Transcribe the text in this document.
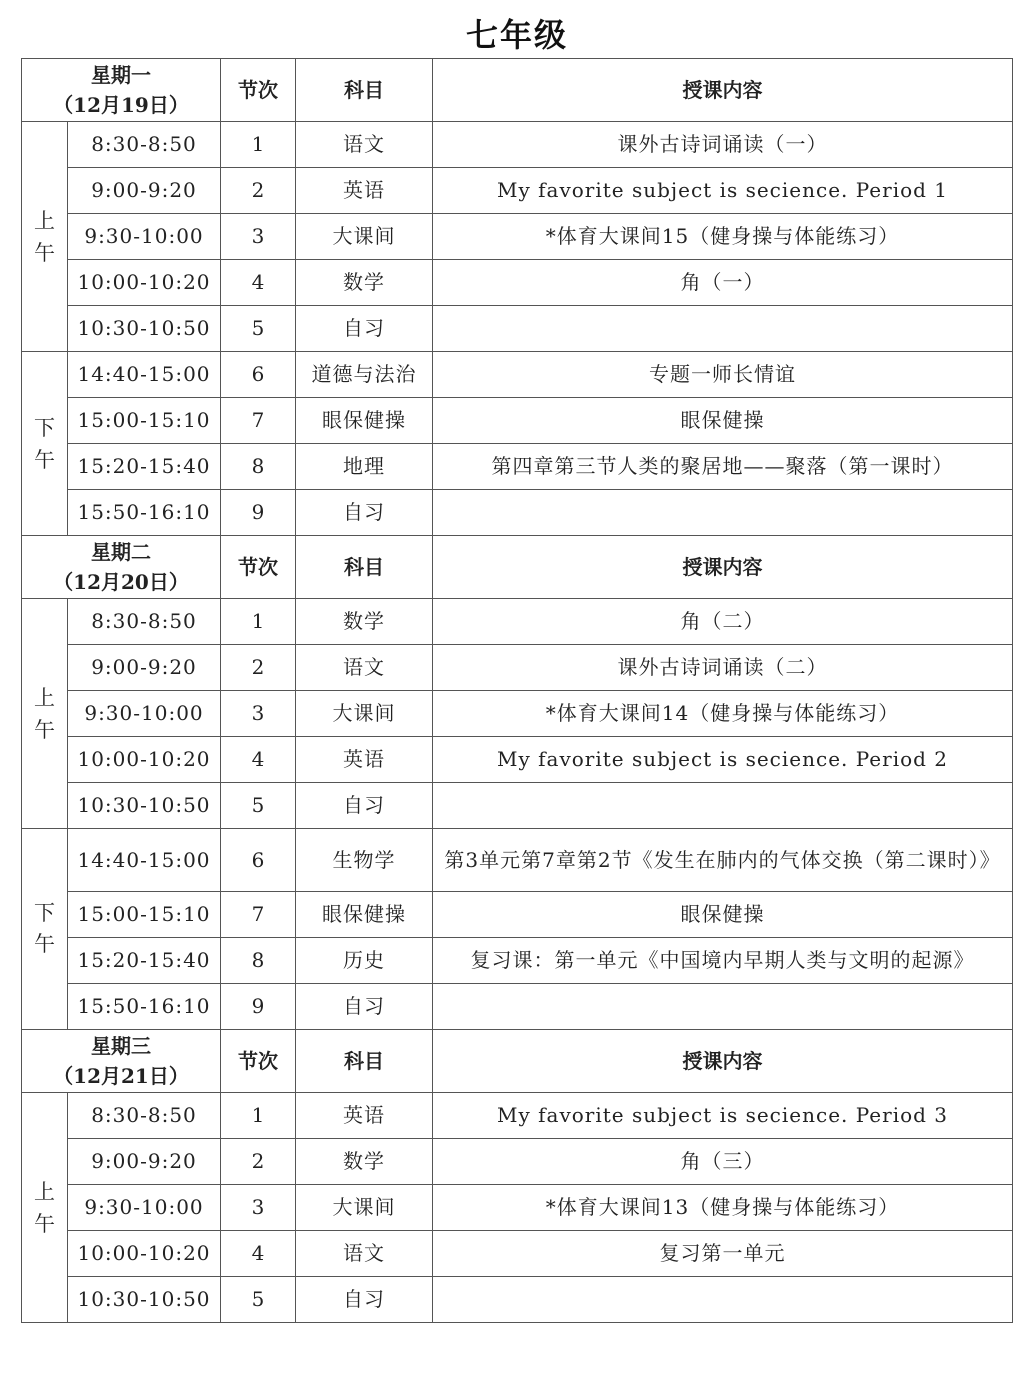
七年级
星期一
（12月19日）		节次	科目	授课内容

上
午	8:30-8:50	1	语文	课外古诗词诵读（一）
	9:00-9:20	2	英语	My favorite subject is secience. Period 1
	9:30-10:00	3	大课间	*体育大课间15（健身操与体能练习）
	10:00-10:20	4	数学	角（一）
	10:30-10:50	5	自习	

下
午	14:40-15:00	6	道德与法治	专题一师长情谊
	15:00-15:10	7	眼保健操	眼保健操
	15:20-15:40	8	地理	第四章第三节人类的聚居地——聚落（第一课时）
	15:50-16:10	9	自习	

星期二
（12月20日）		节次	科目	授课内容

上
午	8:30-8:50	1	数学	角（二）
	9:00-9:20	2	语文	课外古诗词诵读（二）
	9:30-10:00	3	大课间	*体育大课间14（健身操与体能练习）
	10:00-10:20	4	英语	My favorite subject is secience. Period 2
	10:30-10:50	5	自习	

下
午	14:40-15:00	6	生物学	第3单元第7章第2节《发生在肺内的气体交换（第二课时）》
	15:00-15:10	7	眼保健操	眼保健操
	15:20-15:40	8	历史	复习课：第一单元《中国境内早期人类与文明的起源》
	15:50-16:10	9	自习	

星期三
（12月21日）		节次	科目	授课内容

上
午	8:30-8:50	1	英语	My favorite subject is secience. Period 3
	9:00-9:20	2	数学	角（三）
	9:30-10:00	3	大课间	*体育大课间13（健身操与体能练习）
	10:00-10:20	4	语文	复习第一单元
	10:30-10:50	5	自习	
